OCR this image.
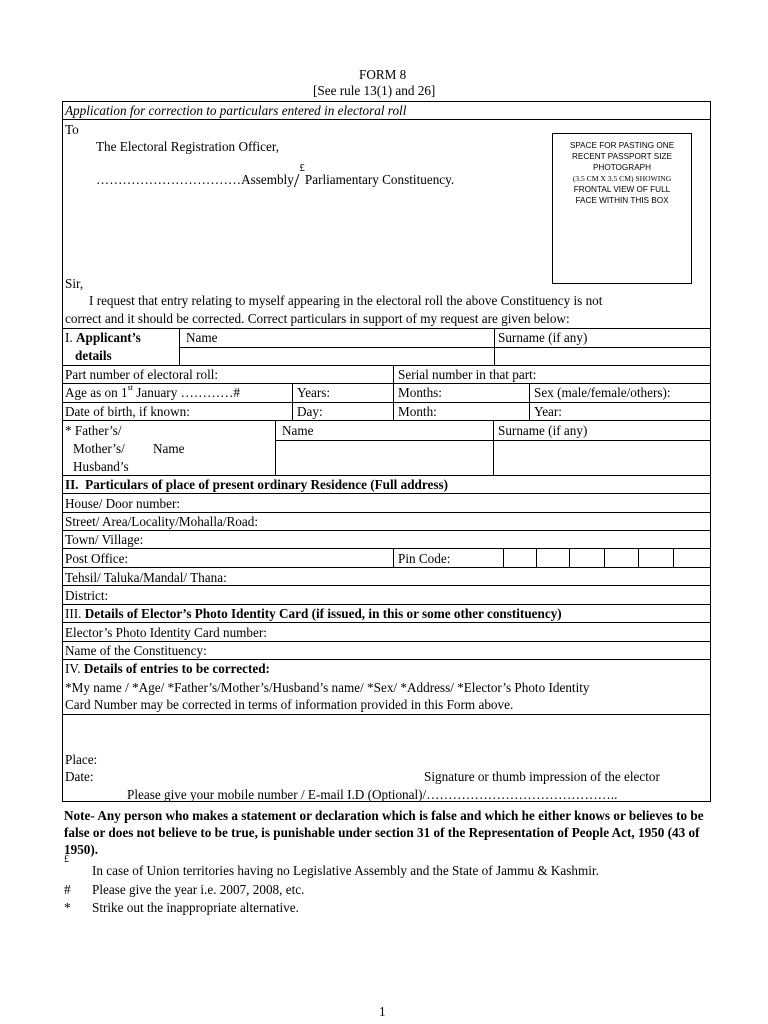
FORM 8
[See rule 13(1) and 26]
Application for correction to particulars entered in electoral roll
To
The Electoral Registration Officer,
……………………………Assembly/£Parliamentary Constituency.
SPACE FOR PASTING ONE
RECENT PASSPORT SIZE
PHOTOGRAPH
(3.5 CM X 3.5 CM) SHOWING
FRONTAL VIEW OF FULL
FACE WITHIN THIS BOX
Sir,
I request that entry relating to myself appearing in the electoral roll the above Constituency is not
correct and it should be corrected. Correct particulars in support of my request are given below:
I. Applicant’s
details
Name	Surname (if any)
Part number of electoral roll:	Serial number in that part:
Age as on 1st January …………#	Years:	Months:	Sex (male/female/others):
Date of birth, if known:	Day:	Month:	Year:
* Father’s/
Mother’s/ Name
Husband’s
Name	Surname (if any)
II. Particulars of place of present ordinary Residence (Full address)
House/ Door number:
Street/ Area/Locality/Mohalla/Road:
Town/ Village:
Post Office:	Pin Code:
Tehsil/ Taluka/Mandal/ Thana:
District:
III. Details of Elector’s Photo Identity Card (if issued, in this or some other constituency)
Elector’s Photo Identity Card number:
Name of the Constituency:
IV. Details of entries to be corrected:
*My name / *Age/ *Father’s/Mother’s/Husband’s name/ *Sex/ *Address/ *Elector’s Photo Identity
Card Number may be corrected in terms of information provided in this Form above.
Place:
Date:	Signature or thumb impression of the elector
Please give your mobile number / E-mail I.D (Optional)/……………………………………..
Note- Any person who makes a statement or declaration which is false and which he either knows or believes to be false or does not believe to be true, is punishable under section 31 of the Representation of People Act, 1950 (43 of 1950).
£
In case of Union territories having no Legislative Assembly and the State of Jammu & Kashmir.
# Please give the year i.e. 2007, 2008, etc.
* Strike out the inappropriate alternative.
1
